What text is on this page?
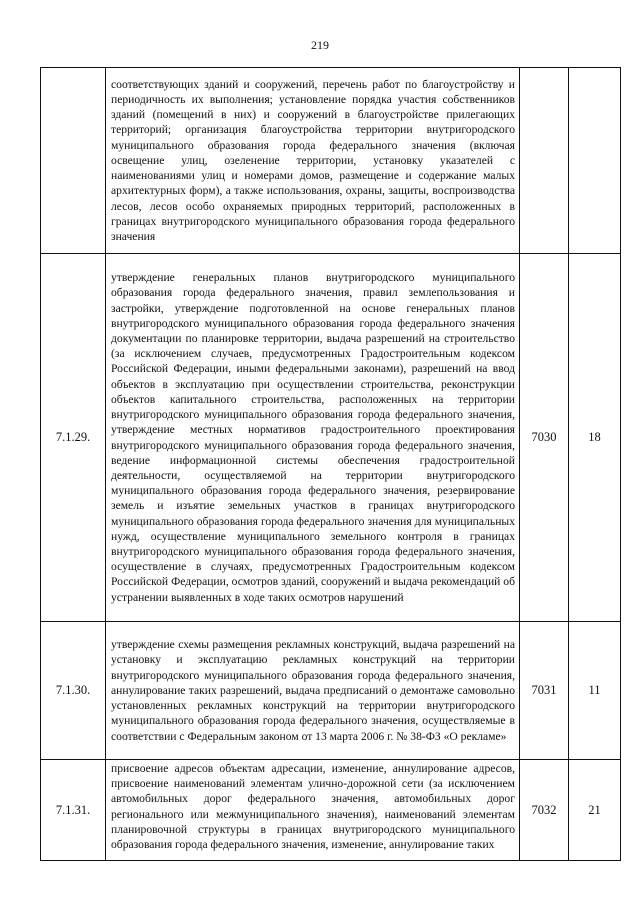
219
	соответствующих зданий и сооружений, перечень работ по благоустройству и периодичность их выполнения; установление порядка участия собственников зданий (помещений в них) и сооружений в благоустройстве прилегающих территорий; организация благоустройства территории внутригородского муниципального образования города федерального значения (включая освещение улиц, озеленение территории, установку указателей с наименованиями улиц и номерами домов, размещение и содержание малых архитектурных форм), а также использования, охраны, защиты, воспроизводства лесов, лесов особо охраняемых природных территорий, расположенных в границах внутригородского муниципального образования города федерального значения		
7.1.29.	утверждение генеральных планов внутригородского муниципального образования города федерального значения, правил землепользования и застройки, утверждение подготовленной на основе генеральных планов внутригородского муниципального образования города федерального значения документации по планировке территории, выдача разрешений на строительство (за исключением случаев, предусмотренных Градостроительным кодексом Российской Федерации, иными федеральными законами), разрешений на ввод объектов в эксплуатацию при осуществлении строительства, реконструкции объектов капитального строительства, расположенных на территории внутригородского муниципального образования города федерального значения, утверждение местных нормативов градостроительного проектирования внутригородского муниципального образования города федерального значения, ведение информационной системы обеспечения градостроительной деятельности, осуществляемой на территории внутригородского муниципального образования города федерального значения, резервирование земель и изъятие земельных участков в границах внутригородского муниципального образования города федерального значения для муниципальных нужд, осуществление муниципального земельного контроля в границах внутригородского муниципального образования города федерального значения, осуществление в случаях, предусмотренных Градостроительным кодексом Российской Федерации, осмотров зданий, сооружений и выдача рекомендаций об устранении выявленных в ходе таких осмотров нарушений	7030	18
7.1.30.	утверждение схемы размещения рекламных конструкций, выдача разрешений на установку и эксплуатацию рекламных конструкций на территории внутригородского муниципального образования города федерального значения, аннулирование таких разрешений, выдача предписаний о демонтаже самовольно установленных рекламных конструкций на территории внутригородского муниципального образования города федерального значения, осуществляемые в соответствии с Федеральным законом от 13 марта 2006 г. № 38-ФЗ «О рекламе»	7031	11
7.1.31.	присвоение адресов объектам адресации, изменение, аннулирование адресов, присвоение наименований элементам улично-дорожной сети (за исключением автомобильных дорог федерального значения, автомобильных дорог регионального или межмуниципального значения), наименований элементам планировочной структуры в границах внутригородского муниципального образования города федерального значения, изменение, аннулирование таких	7032	21
